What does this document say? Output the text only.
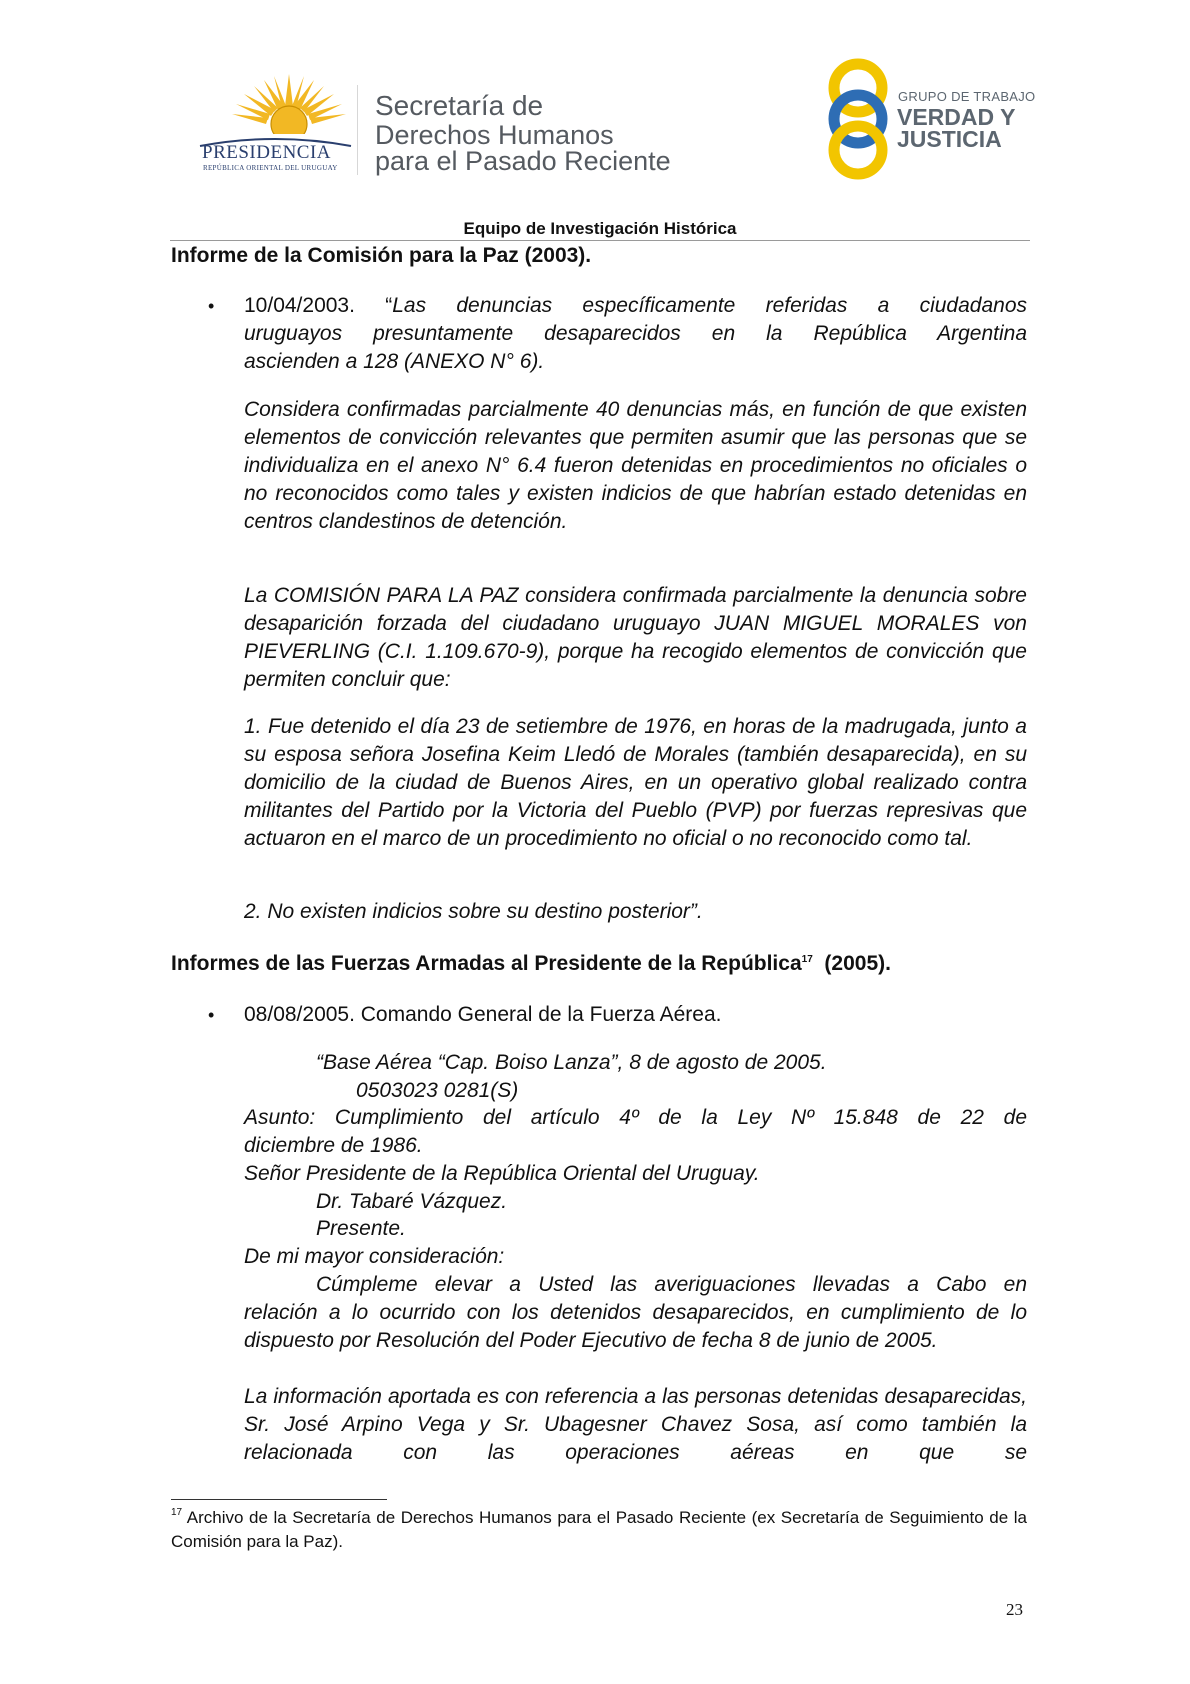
PRESIDENCIA
REPÚBLICA ORIENTAL DEL URUGUAY
Secretaría de
Derechos Humanos
para el Pasado Reciente
GRUPO DE TRABAJO
VERDAD Y
JUSTICIA
Equipo de Investigación Histórica
Informe de la Comisión para la Paz (2003).
• 10/04/2003. “Las denuncias específicamente referidas a ciudadanos
uruguayos presuntamente desaparecidos en la República Argentina
ascienden a 128 (ANEXO N° 6).

Considera confirmadas parcialmente 40 denuncias más, en función de que existen elementos de convicción relevantes que permiten asumir que las personas que se individualiza en el anexo N° 6.4 fueron detenidas en procedimientos no oficiales o no reconocidos como tales y existen indicios de que habrían estado detenidas en centros clandestinos de detención.

La COMISIÓN PARA LA PAZ considera confirmada parcialmente la denuncia sobre desaparición forzada del ciudadano uruguayo JUAN MIGUEL MORALES von PIEVERLING (C.I. 1.109.670-9), porque ha recogido elementos de convicción que permiten concluir que:

1. Fue detenido el día 23 de setiembre de 1976, en horas de la madrugada, junto a su esposa señora Josefina Keim Lledó de Morales (también desaparecida), en su domicilio de la ciudad de Buenos Aires, en un operativo global realizado contra militantes del Partido por la Victoria del Pueblo (PVP) por fuerzas represivas que actuaron en el marco de un procedimiento no oficial o no reconocido como tal.

2. No existen indicios sobre su destino posterior”.

Informes de las Fuerzas Armadas al Presidente de la República$^{17}$  (2005).
• 08/08/2005. Comando General de la Fuerza Aérea.
“Base Aérea “Cap. Boiso Lanza”, 8 de agosto de 2005.
0503023 0281(S)
Asunto: Cumplimiento del artículo 4º de la Ley Nº 15.848 de 22 de
diciembre de 1986.
Señor Presidente de la República Oriental del Uruguay.
Dr. Tabaré Vázquez.
Presente.
De mi mayor consideración:
Cúmpleme elevar a Usted las averiguaciones llevadas a Cabo en

relación a lo ocurrido con los detenidos desaparecidos, en cumplimiento de lo dispuesto por Resolución del Poder Ejecutivo de fecha 8 de junio de 2005.

La información aportada es con referencia a las personas detenidas desaparecidas, Sr. José Arpino Vega y Sr. Ubagesner Chavez Sosa, así como también la relacionada con las operaciones aéreas en que se

$^{17}$ Archivo de la Secretaría de Derechos Humanos para el Pasado Reciente (ex Secretaría de Seguimiento de la Comisión para la Paz).

23
